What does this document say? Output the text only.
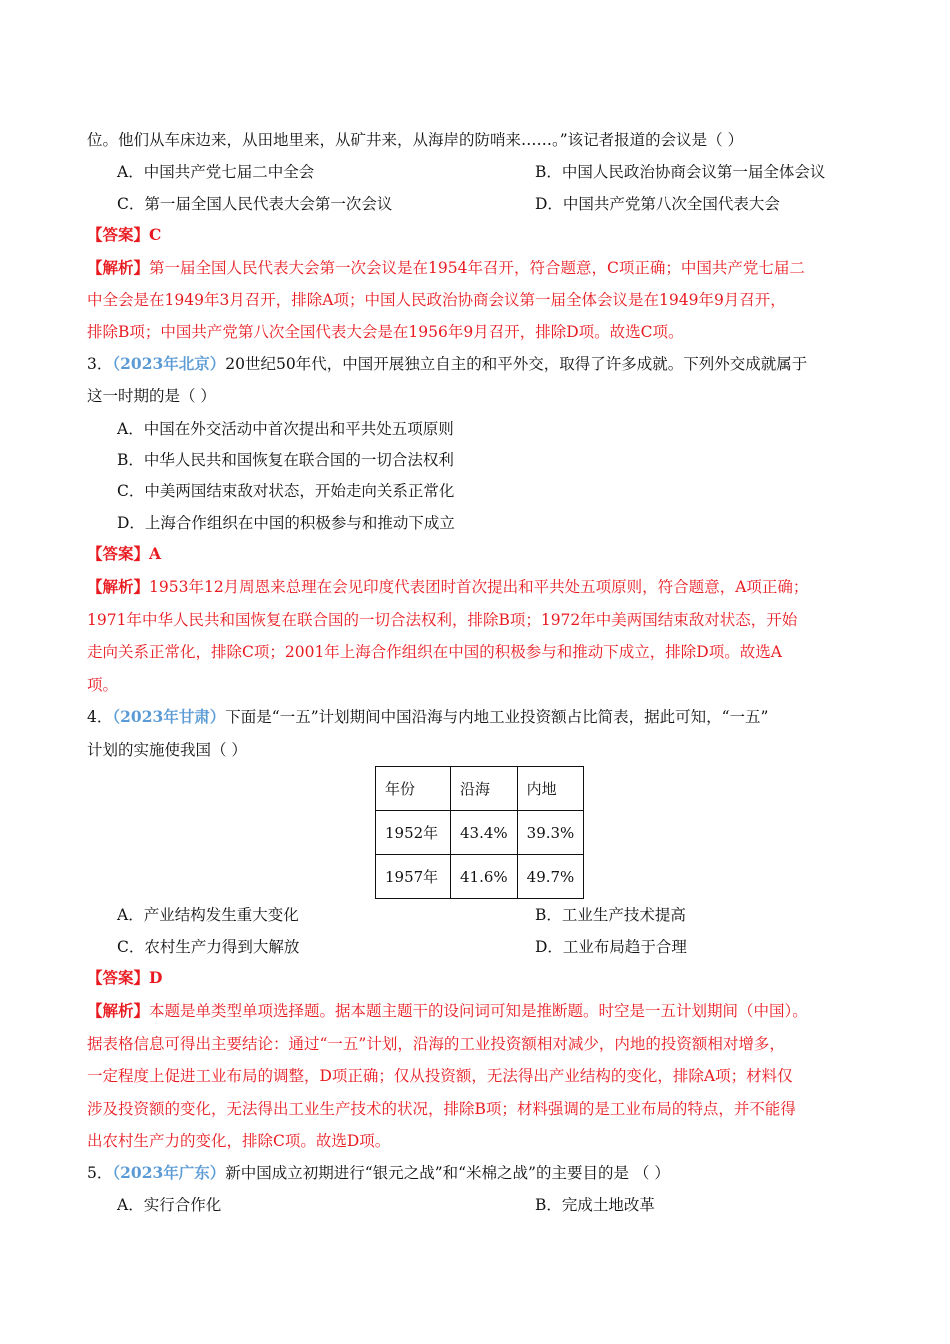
位。他们从车床边来，从田地里来，从矿井来，从海岸的防哨来……。”该记者报道的会议是（ ）
A．中国共产党七届二中全会	B．中国人民政治协商会议第一届全体会议
C．第一届全国人民代表大会第一次会议	D．中国共产党第八次全国代表大会
【答案】C
【解析】第一届全国人民代表大会第一次会议是在1954年召开，符合题意，C项正确；中国共产党七届二
中全会是在1949年3月召开，排除A项；中国人民政治协商会议第一届全体会议是在1949年9月召开，
排除B项；中国共产党第八次全国代表大会是在1956年9月召开，排除D项。故选C项。
3．（2023年北京）20世纪50年代，中国开展独立自主的和平外交，取得了许多成就。下列外交成就属于
这一时期的是（ ）
A．中国在外交活动中首次提出和平共处五项原则
B．中华人民共和国恢复在联合国的一切合法权利
C．中美两国结束敌对状态，开始走向关系正常化
D．上海合作组织在中国的积极参与和推动下成立
【答案】A
【解析】1953年12月周恩来总理在会见印度代表团时首次提出和平共处五项原则，符合题意，A项正确；
1971年中华人民共和国恢复在联合国的一切合法权利，排除B项；1972年中美两国结束敌对状态，开始
走向关系正常化，排除C项；2001年上海合作组织在中国的积极参与和推动下成立，排除D项。故选A
项。
4．（2023年甘肃）下面是“一五”计划期间中国沿海与内地工业投资额占比简表，据此可知，“一五”
计划的实施使我国（ ）
年份	沿海	内地
1952年	43.4%	39.3%
1957年	41.6%	49.7%
A．产业结构发生重大变化	B．工业生产技术提高
C．农村生产力得到大解放	D．工业布局趋于合理
【答案】D
【解析】本题是单类型单项选择题。据本题主题干的设问词可知是推断题。时空是一五计划期间（中国）。
据表格信息可得出主要结论：通过“一五”计划，沿海的工业投资额相对减少，内地的投资额相对增多，
一定程度上促进工业布局的调整，D项正确；仅从投资额，无法得出产业结构的变化，排除A项；材料仅
涉及投资额的变化，无法得出工业生产技术的状况，排除B项；材料强调的是工业布局的特点，并不能得
出农村生产力的变化，排除C项。故选D项。
5．（2023年广东）新中国成立初期进行“银元之战”和“米棉之战”的主要目的是 （ ）
A．实行合作化	B．完成土地改革
